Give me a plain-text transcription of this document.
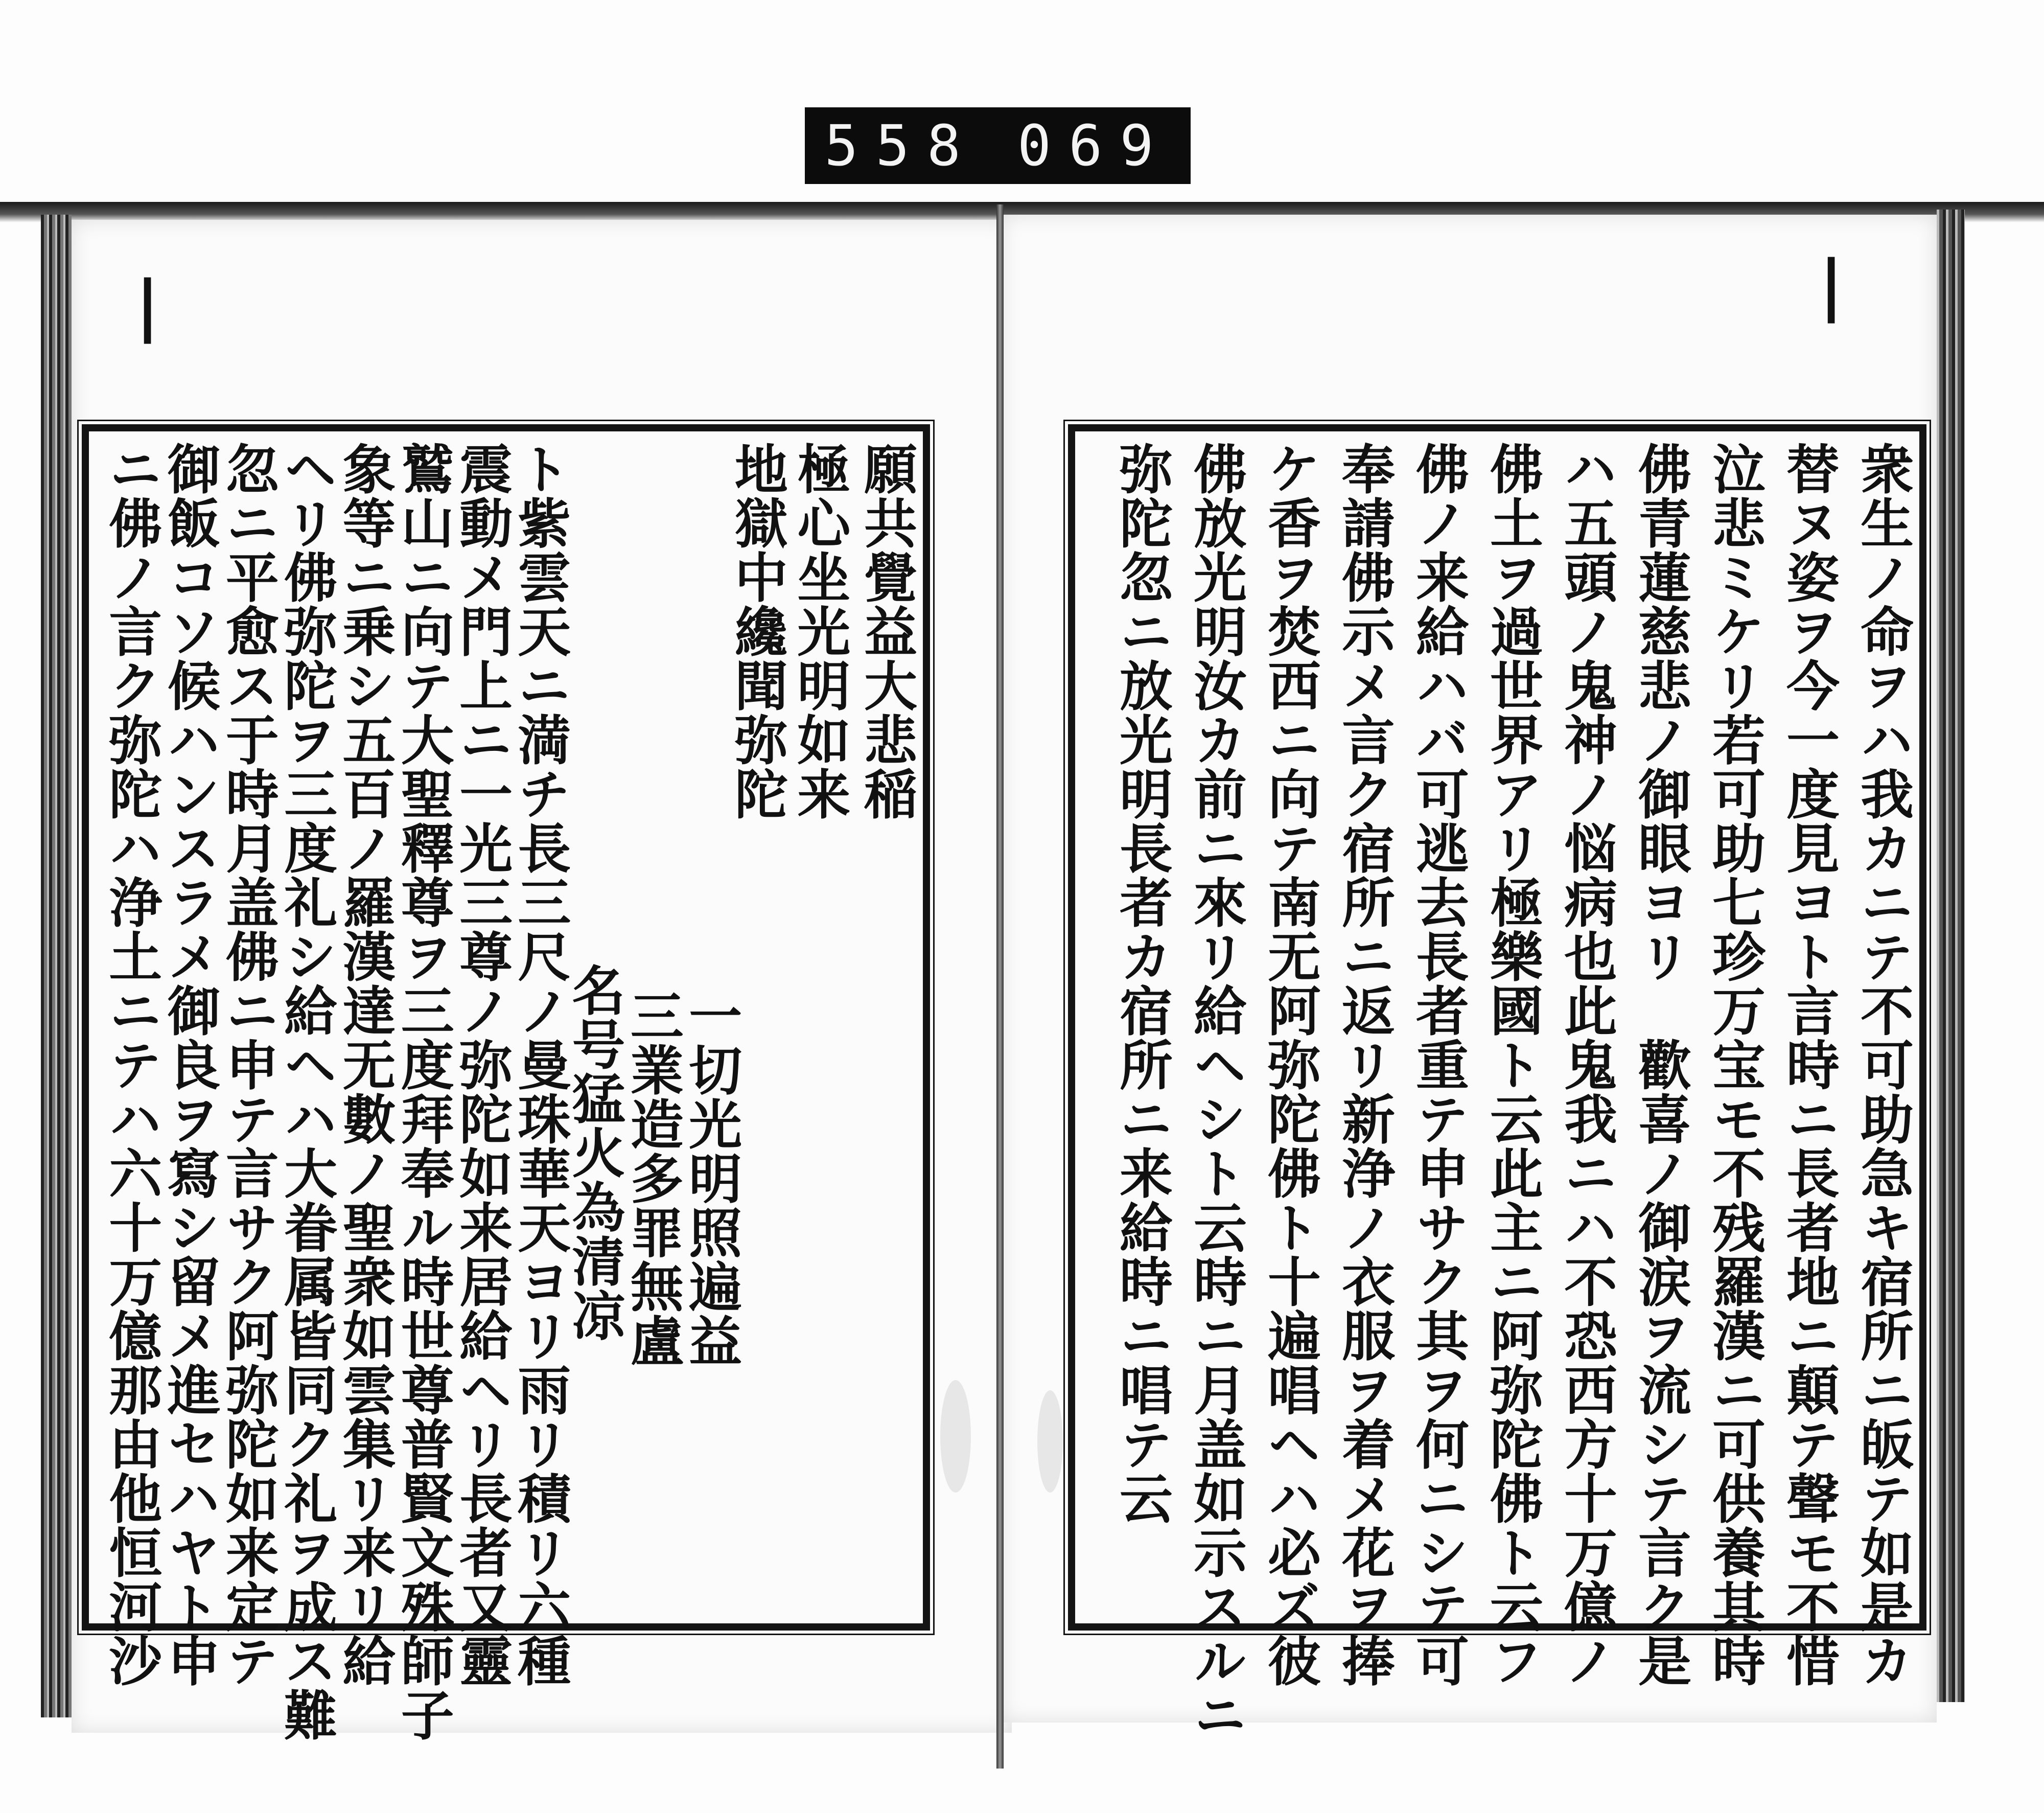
558 069
|	|
願共覺益大悲稲
極心坐光明如来
地獄中纔聞弥陀
一切光明照遍益
三業造多罪無盧
名号猛火為清凉
ト紫雲天ニ満チ長三尺ノ曼珠華天ヨリ雨リ積リ六種
震動メ門上ニ一光三尊ノ弥陀如来居給ヘリ長者又靈
鷲山ニ向テ大聖釋尊ヲ三度拜奉ル時世尊普賢文殊師子
象等ニ乗シ五百ノ羅漢達无數ノ聖衆如雲集リ来リ給
ヘリ佛弥陀ヲ三度礼シ給ヘハ大眷属皆同ク礼ヲ成ス難
忽ニ平愈ス于時月盖佛ニ申テ言サク阿弥陀如来定テ
御飯コソ候ハンスラメ御良ヲ寫シ留メ進セハヤト申
ニ佛ノ言ク弥陀ハ浄土ニテハ六十万億那由他恒河沙	衆生ノ命ヲハ我カニテ不可助急キ宿所ニ皈テ如是カ
替ヌ姿ヲ今一度見ヨト言時ニ長者地ニ顛テ聲モ不惜
泣悲ミケリ若可助七珍万宝モ不残羅漢ニ可供養其時
佛青蓮慈悲ノ御眼ヨリ　歡喜ノ御涙ヲ流シテ言ク是
ハ五頭ノ鬼神ノ悩病也此鬼我ニハ不恐西方十万億ノ
佛土ヲ過世界アリ極樂國ト云此主ニ阿弥陀佛ト云フ
佛ノ来給ハバ可逃去長者重テ申サク其ヲ何ニシテ可
奉請佛示メ言ク宿所ニ返リ新浄ノ衣服ヲ着メ花ヲ捧
ケ香ヲ焚西ニ向テ南无阿弥陀佛ト十遍唱ヘハ必ズ彼
佛放光明汝カ前ニ來リ給ヘシト云時ニ月盖如示スルニ
弥陀忽ニ放光明長者カ宿所ニ来給時ニ唱テ云
